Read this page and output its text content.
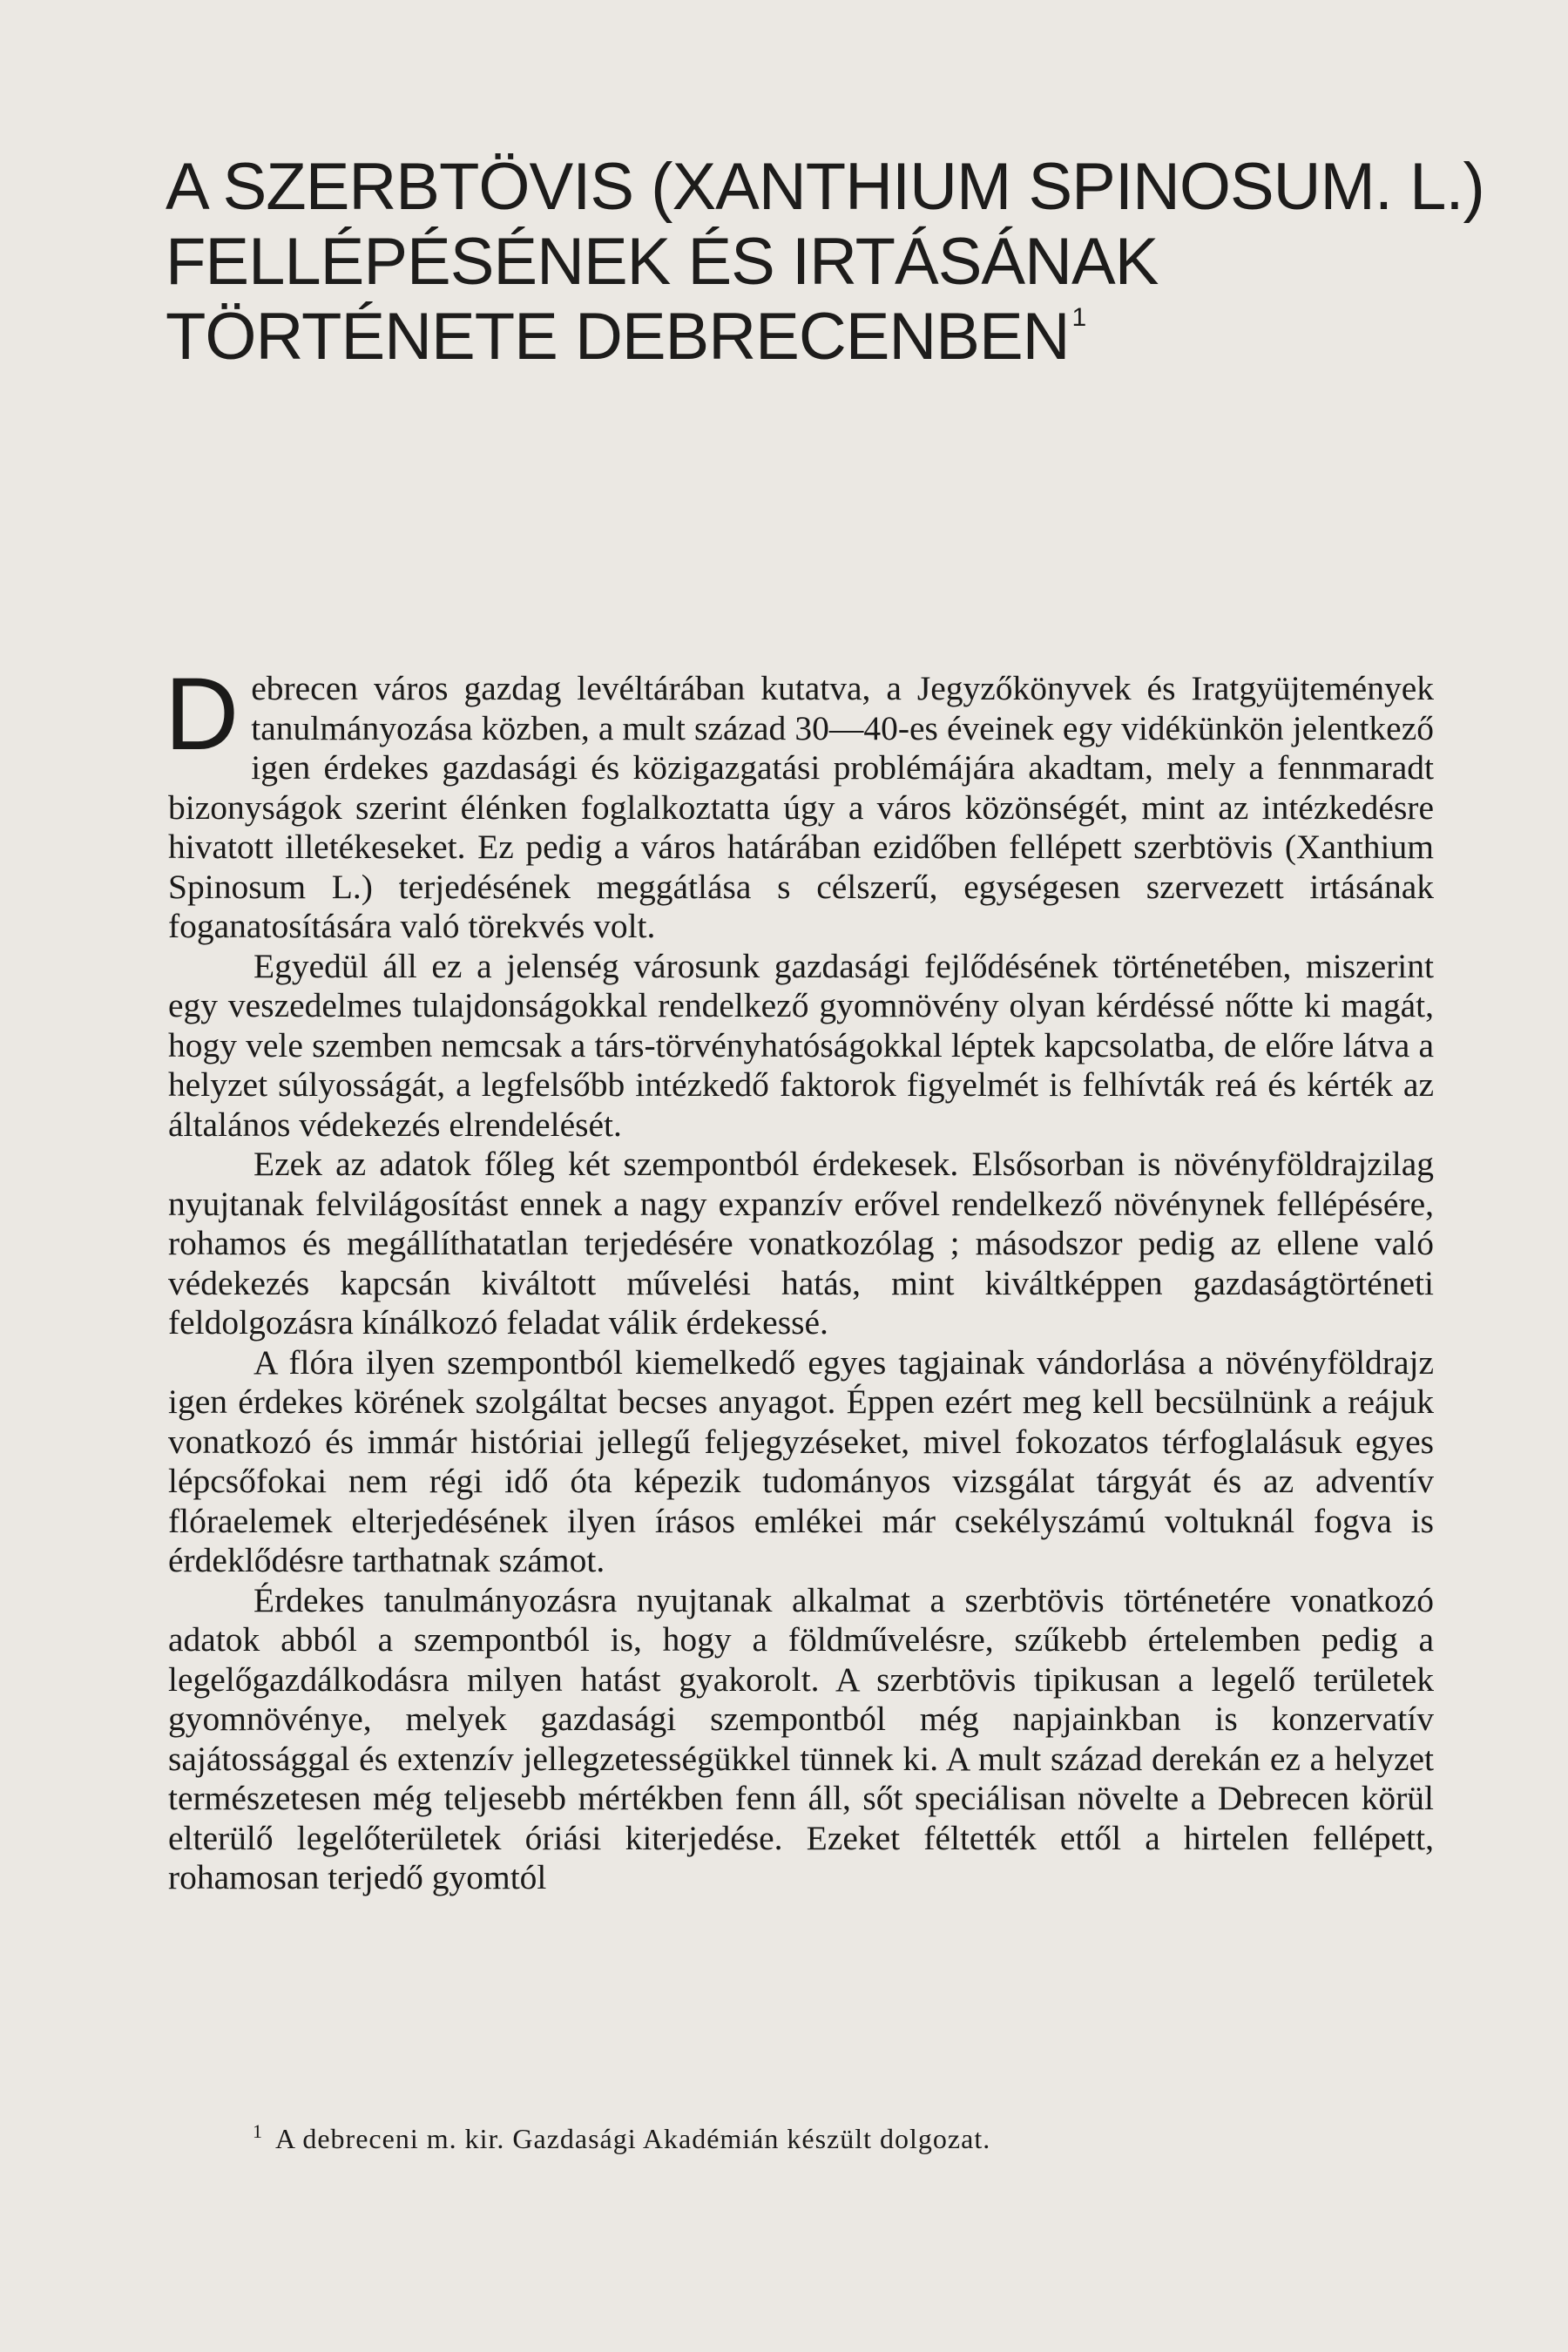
A SZERBTÖVIS (XANTHIUM SPINOSUM. L.)
FELLÉPÉSÉNEK ÉS IRTÁSÁNAK
TÖRTÉNETE DEBRECENBEN $^1$

Debrecen város gazdag levéltárában kutatva, a Jegyzőkönyvek és Iratgyüjtemények tanulmányozása közben, a mult század 30—40-es éveinek egy vidékünkön jelentkező igen érdekes gazdasági és közigazgatási problémájára akadtam, mely a fennmaradt bizonyságok szerint élénken foglalkoztatta úgy a város közönségét, mint az intézkedésre hivatott illetékeseket. Ez pedig a város határában ezidőben fellépett szerbtövis (Xanthium Spinosum L.) terjedésének meggátlása s célszerű, egységesen szervezett irtásának foganatosítására való törekvés volt.

Egyedül áll ez a jelenség városunk gazdasági fejlődésének történetében, miszerint egy veszedelmes tulajdonságokkal rendelkező gyomnövény olyan kérdéssé nőtte ki magát, hogy vele szemben nemcsak a társ-törvényhatóságokkal léptek kapcsolatba, de előre látva a helyzet súlyosságát, a legfelsőbb intézkedő faktorok figyelmét is felhívták reá és kérték az általános védekezés elrendelését.

Ezek az adatok főleg két szempontból érdekesek. Elsősorban is növényföldrajzilag nyujtanak felvilágosítást ennek a nagy expanzív erővel rendelkező növénynek fellépésére, rohamos és megállíthatatlan terjedésére vonatkozólag ; másodszor pedig az ellene való védekezés kapcsán kiváltott művelési hatás, mint kiváltképpen gazdaságtörténeti feldolgozásra kínálkozó feladat válik érdekessé.

A flóra ilyen szempontból kiemelkedő egyes tagjainak vándorlása a növényföldrajz igen érdekes körének szolgáltat becses anyagot. Éppen ezért meg kell becsülnünk a reájuk vonatkozó és immár históriai jellegű feljegyzéseket, mivel fokozatos térfoglalásuk egyes lépcsőfokai nem régi idő óta képezik tudományos vizsgálat tárgyát és az adventív flóraelemek elterjedésének ilyen írásos emlékei már csekélyszámú voltuknál fogva is érdeklődésre tarthatnak számot.

Érdekes tanulmányozásra nyujtanak alkalmat a szerbtövis történetére vonatkozó adatok abból a szempontból is, hogy a földművelésre, szűkebb értelemben pedig a legelőgazdálkodásra milyen hatást gyakorolt. A szerbtövis tipikusan a legelő területek gyomnövénye, melyek gazdasági szempontból még napjainkban is konzervatív sajátossággal és extenzív jellegzetességükkel tünnek ki. A mult század derekán ez a helyzet természetesen még teljesebb mértékben fenn áll, sőt speciálisan növelte a Debrecen körül elterülő legelőterületek óriási kiterjedése. Ezeket féltették ettől a hirtelen fellépett, rohamosan terjedő gyomtól

$^1$ A debreceni m. kir. Gazdasági Akadémián készült dolgozat.
